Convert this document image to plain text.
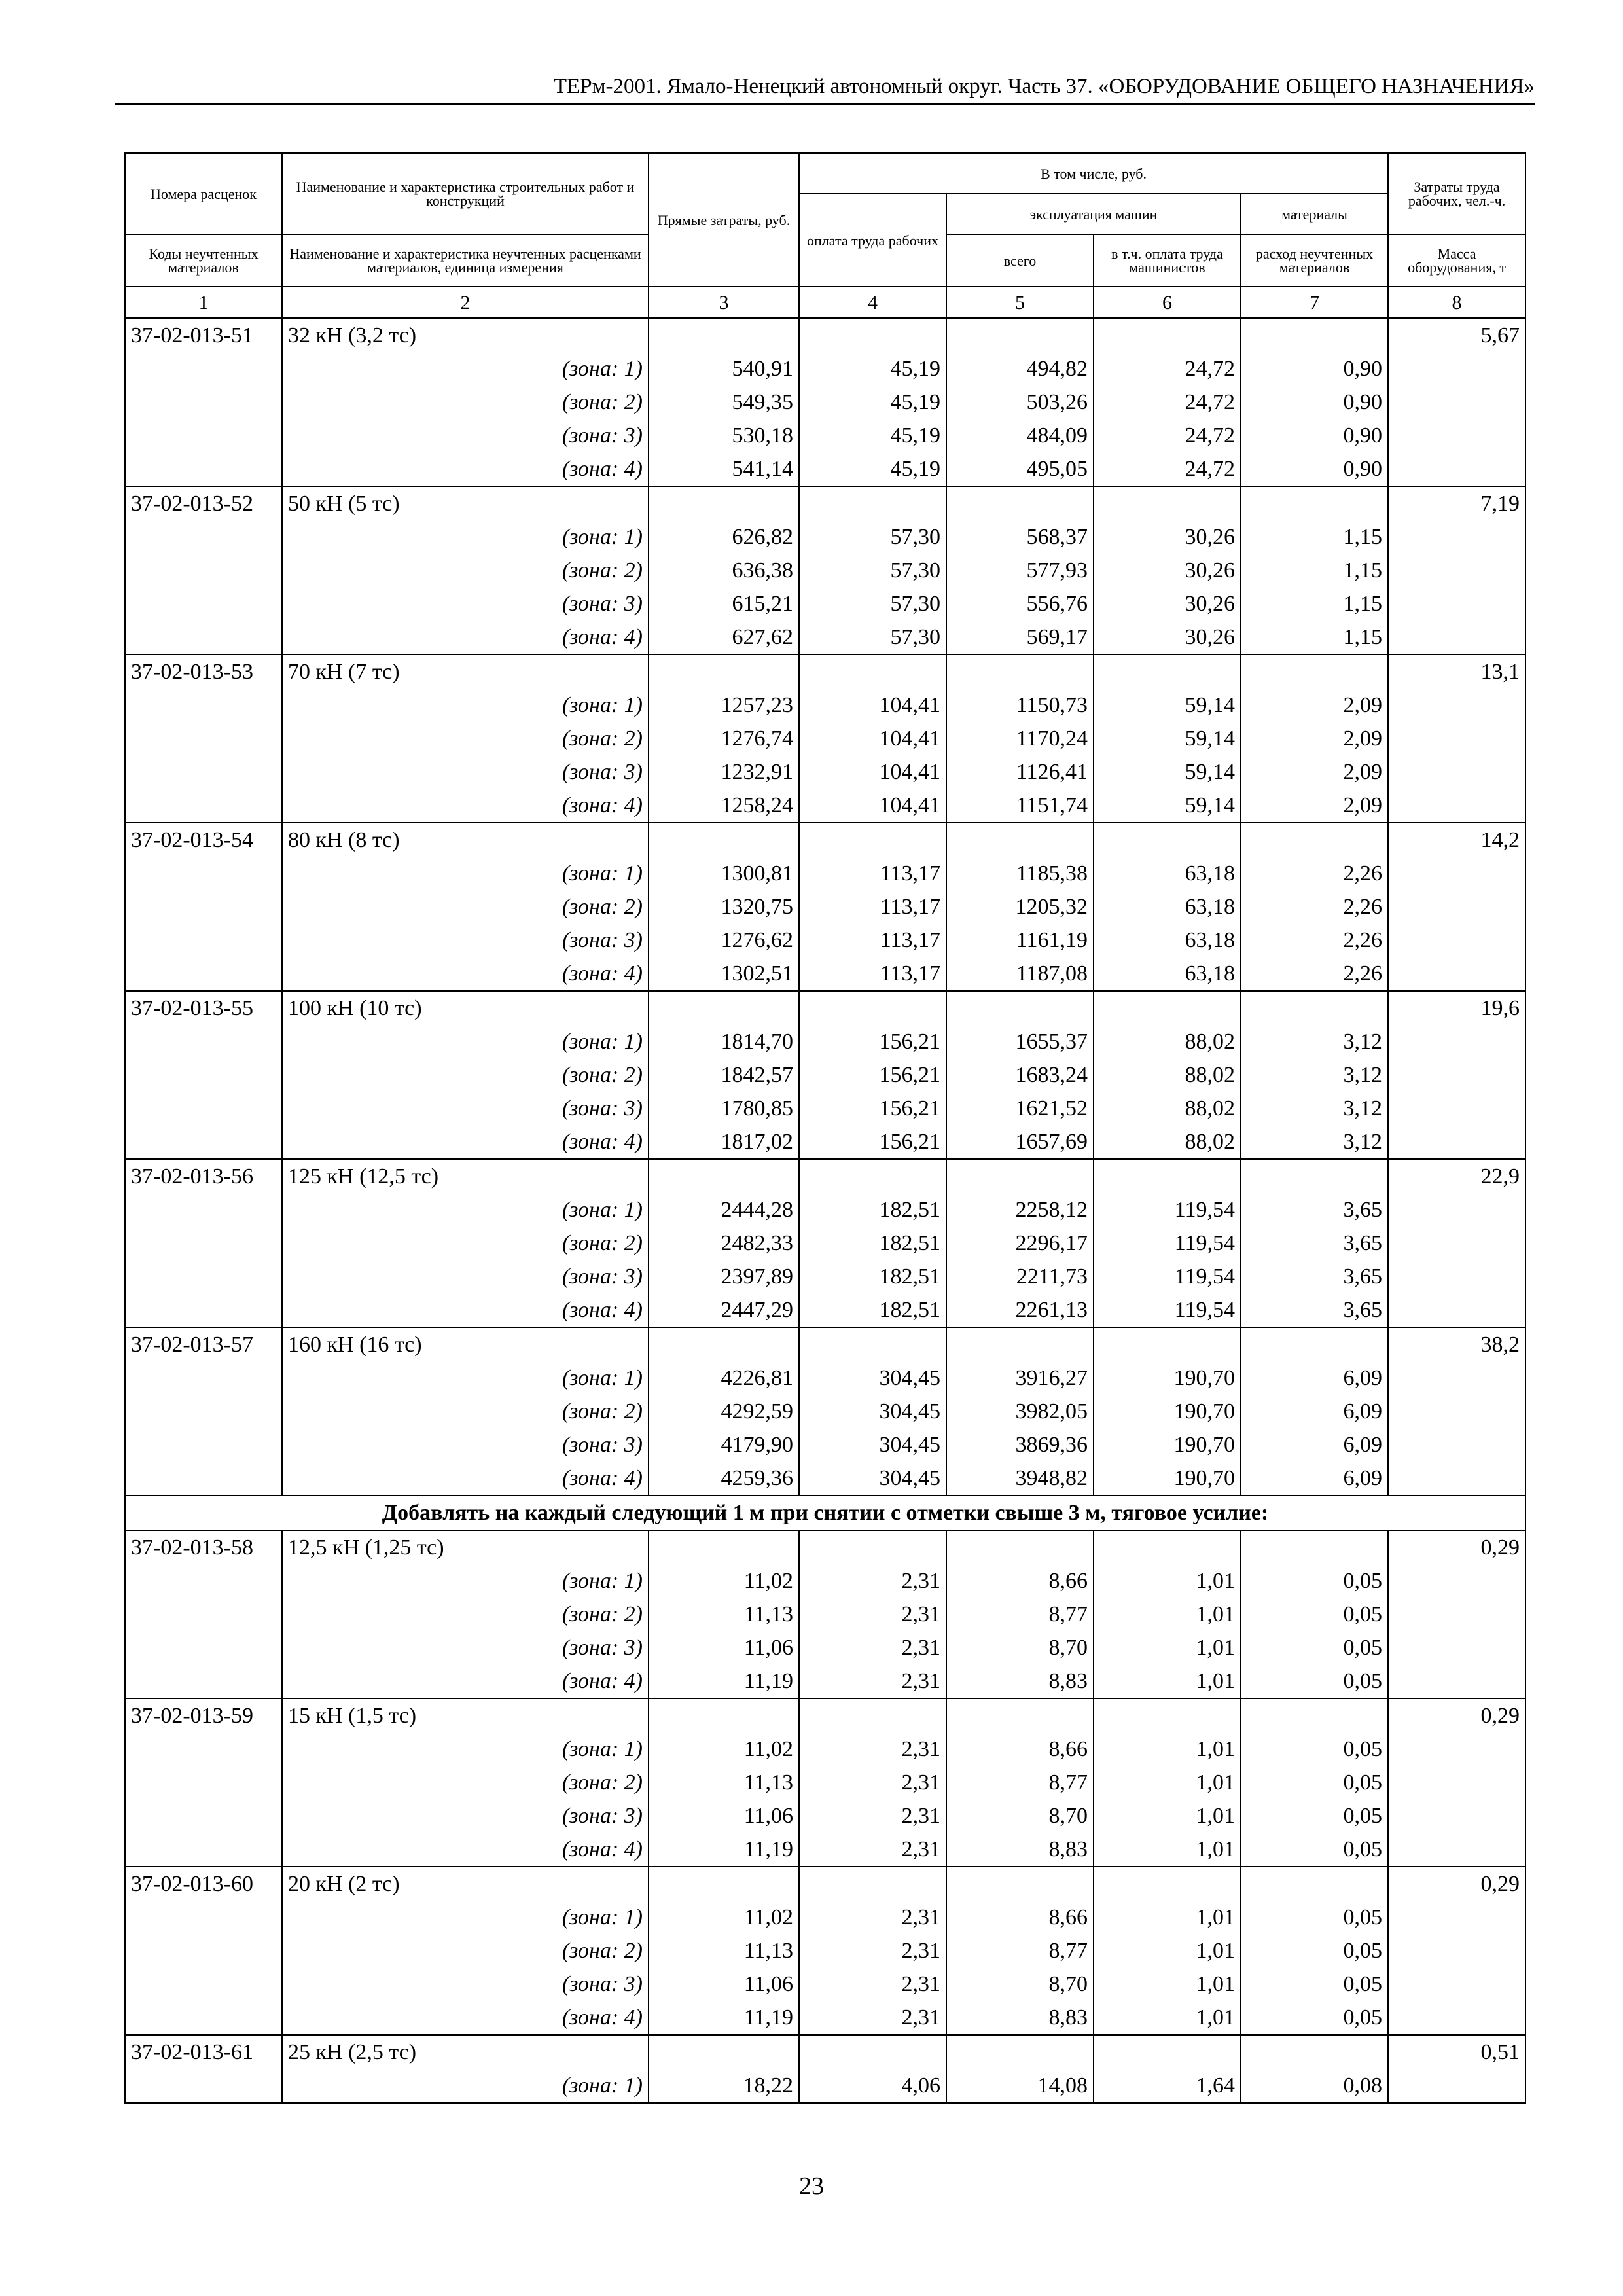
ТЕРм-2001. Ямало-Ненецкий автономный округ. Часть 37. «ОБОРУДОВАНИЕ ОБЩЕГО НАЗНАЧЕНИЯ»
Номера расценок	Наименование и характеристика строительных работ и конструкций	Прямые затраты, руб.	В том числе, руб.				Затраты труда рабочих, чел.-ч.
			оплата труда рабочих	эксплуатация машин		материалы	
Коды неучтенных материалов	Наименование и характеристика неучтенных расценками материалов, единица измерения			всего	в т.ч. оплата труда машинистов	расход неучтенных материалов	Масса оборудования, т
1	2	3	4	5	6	7	8
37-02-013-51	32 кН (3,2 тс)						5,67
	(зона: 1)	540,91	45,19	494,82	24,72	0,90	
	(зона: 2)	549,35	45,19	503,26	24,72	0,90	
	(зона: 3)	530,18	45,19	484,09	24,72	0,90	
	(зона: 4)	541,14	45,19	495,05	24,72	0,90	
37-02-013-52	50 кН (5 тс)						7,19
	(зона: 1)	626,82	57,30	568,37	30,26	1,15	
	(зона: 2)	636,38	57,30	577,93	30,26	1,15	
	(зона: 3)	615,21	57,30	556,76	30,26	1,15	
	(зона: 4)	627,62	57,30	569,17	30,26	1,15	
37-02-013-53	70 кН (7 тс)						13,1
	(зона: 1)	1257,23	104,41	1150,73	59,14	2,09	
	(зона: 2)	1276,74	104,41	1170,24	59,14	2,09	
	(зона: 3)	1232,91	104,41	1126,41	59,14	2,09	
	(зона: 4)	1258,24	104,41	1151,74	59,14	2,09	
37-02-013-54	80 кН (8 тс)						14,2
	(зона: 1)	1300,81	113,17	1185,38	63,18	2,26	
	(зона: 2)	1320,75	113,17	1205,32	63,18	2,26	
	(зона: 3)	1276,62	113,17	1161,19	63,18	2,26	
	(зона: 4)	1302,51	113,17	1187,08	63,18	2,26	
37-02-013-55	100 кН (10 тс)						19,6
	(зона: 1)	1814,70	156,21	1655,37	88,02	3,12	
	(зона: 2)	1842,57	156,21	1683,24	88,02	3,12	
	(зона: 3)	1780,85	156,21	1621,52	88,02	3,12	
	(зона: 4)	1817,02	156,21	1657,69	88,02	3,12	
37-02-013-56	125 кН (12,5 тс)						22,9
	(зона: 1)	2444,28	182,51	2258,12	119,54	3,65	
	(зона: 2)	2482,33	182,51	2296,17	119,54	3,65	
	(зона: 3)	2397,89	182,51	2211,73	119,54	3,65	
	(зона: 4)	2447,29	182,51	2261,13	119,54	3,65	
37-02-013-57	160 кН (16 тс)						38,2
	(зона: 1)	4226,81	304,45	3916,27	190,70	6,09	
	(зона: 2)	4292,59	304,45	3982,05	190,70	6,09	
	(зона: 3)	4179,90	304,45	3869,36	190,70	6,09	
	(зона: 4)	4259,36	304,45	3948,82	190,70	6,09	
Добавлять на каждый следующий 1 м при снятии с отметки свыше 3 м, тяговое усилие:							
37-02-013-58	12,5 кН (1,25 тс)						0,29
	(зона: 1)	11,02	2,31	8,66	1,01	0,05	
	(зона: 2)	11,13	2,31	8,77	1,01	0,05	
	(зона: 3)	11,06	2,31	8,70	1,01	0,05	
	(зона: 4)	11,19	2,31	8,83	1,01	0,05	
37-02-013-59	15 кН (1,5 тс)						0,29
	(зона: 1)	11,02	2,31	8,66	1,01	0,05	
	(зона: 2)	11,13	2,31	8,77	1,01	0,05	
	(зона: 3)	11,06	2,31	8,70	1,01	0,05	
	(зона: 4)	11,19	2,31	8,83	1,01	0,05	
37-02-013-60	20 кН (2 тс)						0,29
	(зона: 1)	11,02	2,31	8,66	1,01	0,05	
	(зона: 2)	11,13	2,31	8,77	1,01	0,05	
	(зона: 3)	11,06	2,31	8,70	1,01	0,05	
	(зона: 4)	11,19	2,31	8,83	1,01	0,05	
37-02-013-61	25 кН (2,5 тс)						0,51
	(зона: 1)	18,22	4,06	14,08	1,64	0,08	
23
